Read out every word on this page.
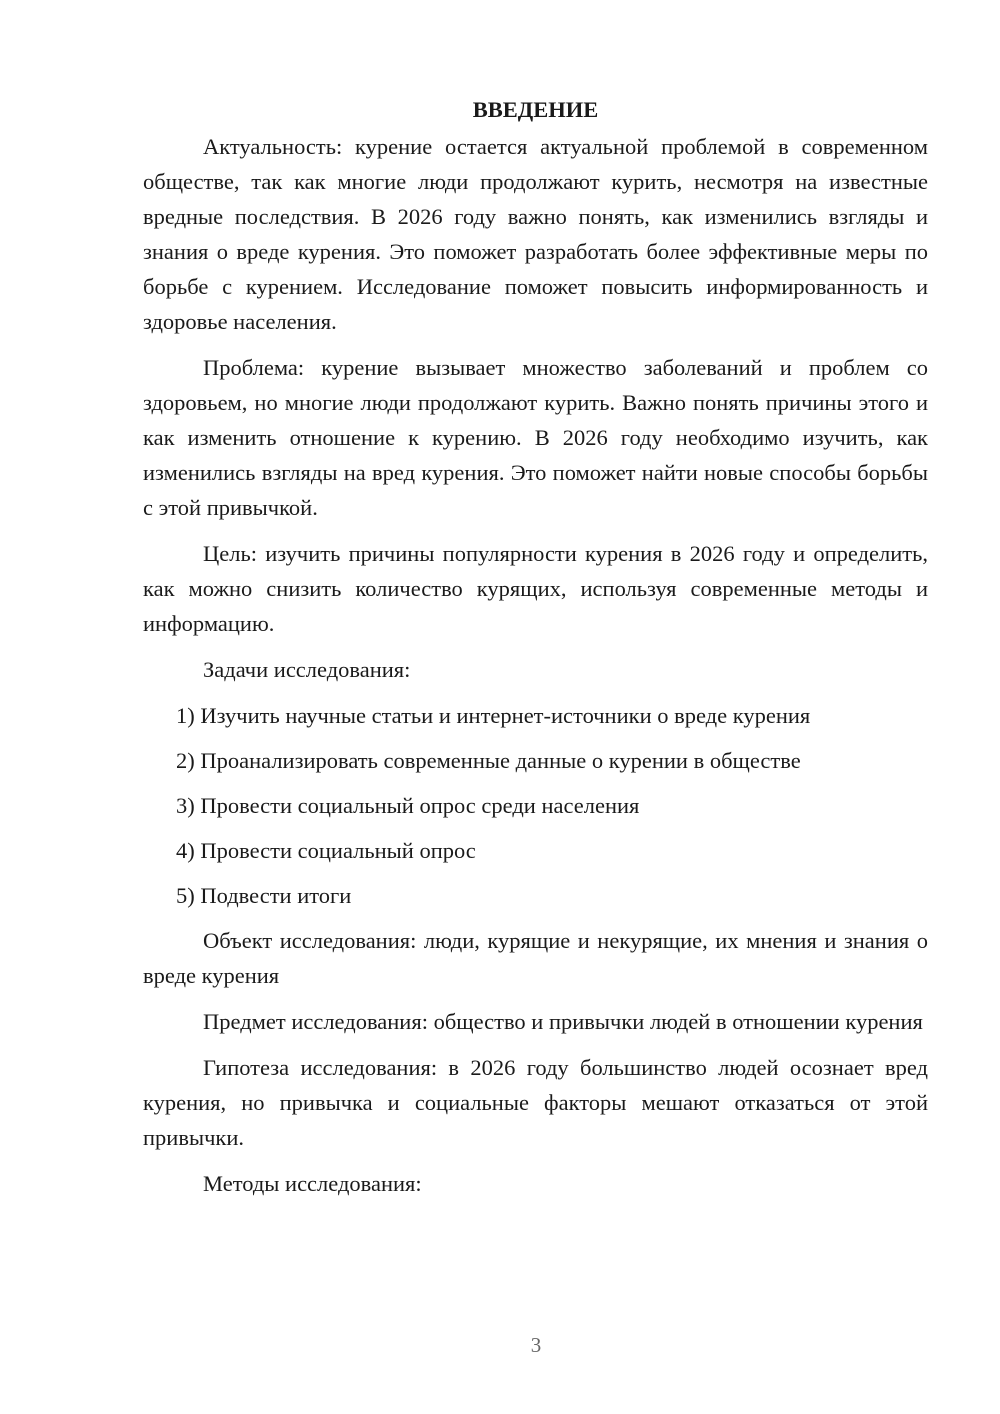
ВВЕДЕНИЕ

Актуальность: курение остается актуальной проблемой в современном обществе, так как многие люди продолжают курить, несмотря на известные вредные последствия. В 2026 году важно понять, как изменились взгляды и знания о вреде курения. Это поможет разработать более эффективные меры по борьбе с курением. Исследование поможет повысить информированность и здоровье населения.

Проблема: курение вызывает множество заболеваний и проблем со здоровьем, но многие люди продолжают курить. Важно понять причины этого и как изменить отношение к курению. В 2026 году необходимо изучить, как изменились взгляды на вред курения. Это поможет найти новые способы борьбы с этой привычкой.

Цель: изучить причины популярности курения в 2026 году и определить, как можно снизить количество курящих, используя современные методы и информацию.

Задачи исследования:

1) Изучить научные статьи и интернет-источники о вреде курения
2) Проанализировать современные данные о курении в обществе
3) Провести социальный опрос среди населения
4) Провести социальный опрос
5) Подвести итоги

Объект исследования: люди, курящие и некурящие, их мнения и знания о вреде курения

Предмет исследования: общество и привычки людей в отношении курения

Гипотеза исследования: в 2026 году большинство людей осознает вред курения, но привычка и социальные факторы мешают отказаться от этой привычки.

Методы исследования:

3
